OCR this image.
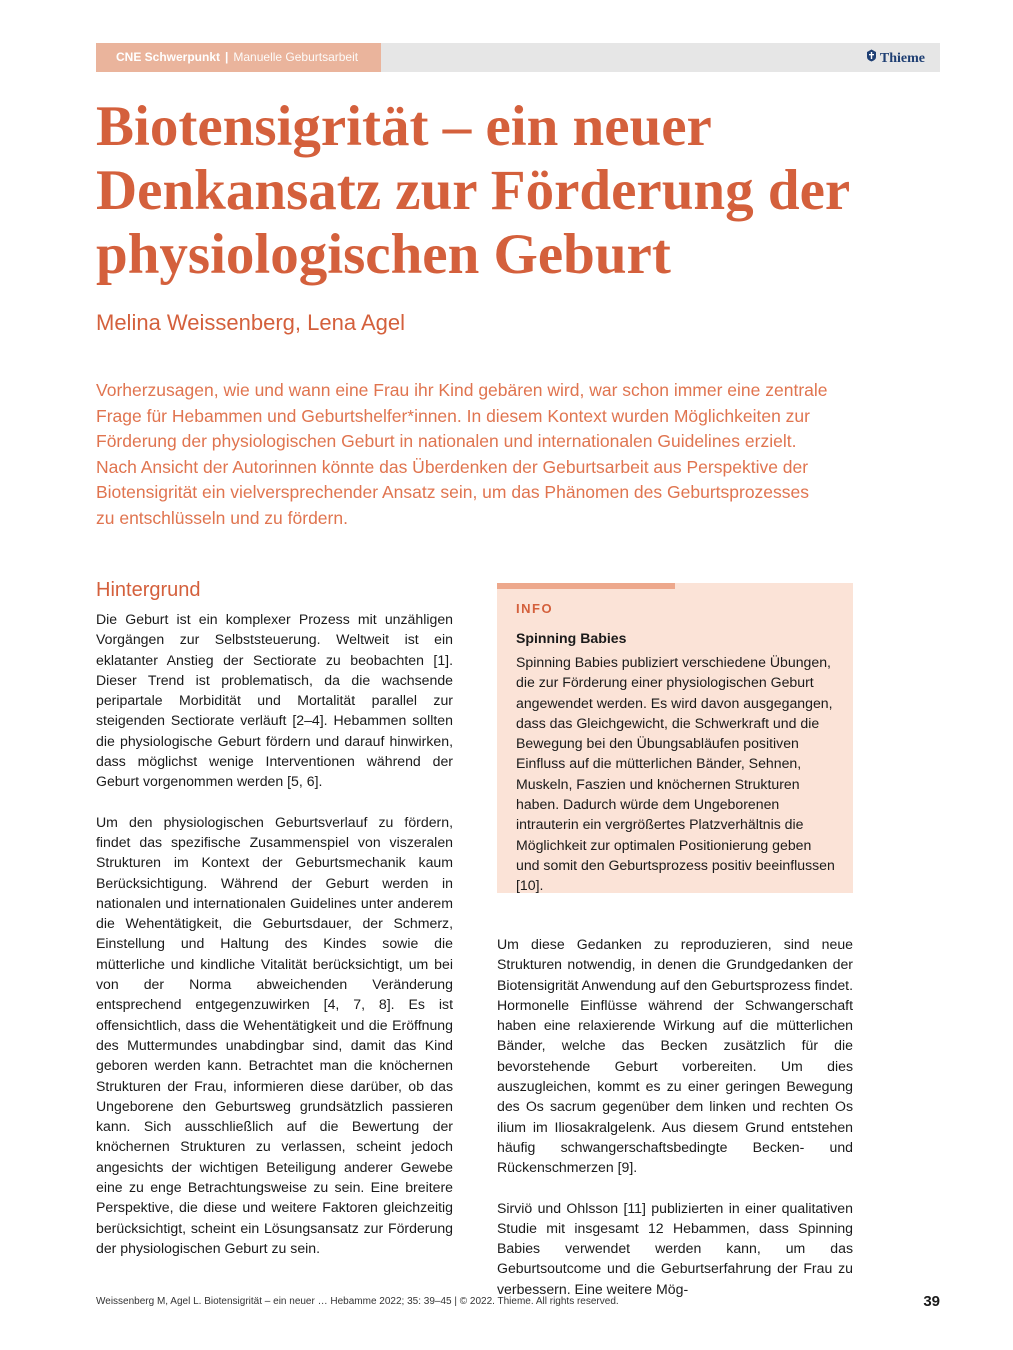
CNE Schwerpunkt | Manuelle Geburtsarbeit	Thieme
Biotensigrität – ein neuer Denkansatz zur Förderung der physiologischen Geburt

Melina Weissenberg, Lena Agel

Vorherzusagen, wie und wann eine Frau ihr Kind gebären wird, war schon immer eine zentrale Frage für Hebammen und Geburtshelfer*innen. In diesem Kontext wurden Möglichkeiten zur Förderung der physiologischen Geburt in nationalen und internationalen Guidelines erzielt. Nach Ansicht der Autorinnen könnte das Überdenken der Geburtsarbeit aus Perspektive der Biotensigrität ein vielversprechender Ansatz sein, um das Phänomen des Geburtsprozesses zu entschlüsseln und zu fördern.

Hintergrund

Die Geburt ist ein komplexer Prozess mit unzähligen Vorgängen zur Selbststeuerung. Weltweit ist ein eklatanter Anstieg der Sectiorate zu beobachten [1]. Dieser Trend ist problematisch, da die wachsende peripartale Morbidität und Mortalität parallel zur steigenden Sectiorate verläuft [2–4]. Hebammen sollten die physiologische Geburt fördern und darauf hinwirken, dass möglichst wenige Interventionen während der Geburt vorgenommen werden [5, 6].

Um den physiologischen Geburtsverlauf zu fördern, findet das spezifische Zusammenspiel von viszeralen Strukturen im Kontext der Geburtsmechanik kaum Berücksichtigung. Während der Geburt werden in nationalen und internationalen Guidelines unter anderem die Wehentätigkeit, die Geburtsdauer, der Schmerz, Einstellung und Haltung des Kindes sowie die mütterliche und kindliche Vitalität berücksichtigt, um bei von der Norma abweichenden Veränderung entsprechend entgegenzuwirken [4, 7, 8]. Es ist offensichtlich, dass die Wehentätigkeit und die Eröffnung des Muttermundes unabdingbar sind, damit das Kind geboren werden kann. Betrachtet man die knöchernen Strukturen der Frau, informieren diese darüber, ob das Ungeborene den Geburtsweg grundsätzlich passieren kann. Sich ausschließlich auf die Bewertung der knöchernen Strukturen zu verlassen, scheint jedoch angesichts der wichtigen Beteiligung anderer Gewebe eine zu enge Betrachtungsweise zu sein. Eine breitere Perspektive, die diese und weitere Faktoren gleichzeitig berücksichtigt, scheint ein Lösungsansatz zur Förderung der physiologischen Geburt zu sein.

INFO

Spinning Babies

Spinning Babies publiziert verschiedene Übungen, die zur Förderung einer physiologischen Geburt angewendet werden. Es wird davon ausgegangen, dass das Gleichgewicht, die Schwerkraft und die Bewegung bei den Übungsabläufen positiven Einfluss auf die mütterlichen Bänder, Sehnen, Muskeln, Faszien und knöchernen Strukturen haben. Dadurch würde dem Ungeborenen intrauterin ein vergrößertes Platzverhältnis die Möglichkeit zur optimalen Positionierung geben und somit den Geburtsprozess positiv beeinflussen [10].

Um diese Gedanken zu reproduzieren, sind neue Strukturen notwendig, in denen die Grundgedanken der Biotensigrität Anwendung auf den Geburtsprozess findet. Hormonelle Einflüsse während der Schwangerschaft haben eine relaxierende Wirkung auf die mütterlichen Bänder, welche das Becken zusätzlich für die bevorstehende Geburt vorbereiten. Um dies auszugleichen, kommt es zu einer geringen Bewegung des Os sacrum gegenüber dem linken und rechten Os ilium im Iliosakralgelenk. Aus diesem Grund entstehen häufig schwangerschaftsbedingte Becken- und Rückenschmerzen [9].

Sirviö und Ohlsson [11] publizierten in einer qualitativen Studie mit insgesamt 12 Hebammen, dass Spinning Babies verwendet werden kann, um das Geburtsoutcome und die Geburtserfahrung der Frau zu verbessern. Eine weitere Mög-

Weissenberg M, Agel L. Biotensigrität – ein neuer … Hebamme 2022; 35: 39–45 | © 2022. Thieme. All rights reserved.	39
